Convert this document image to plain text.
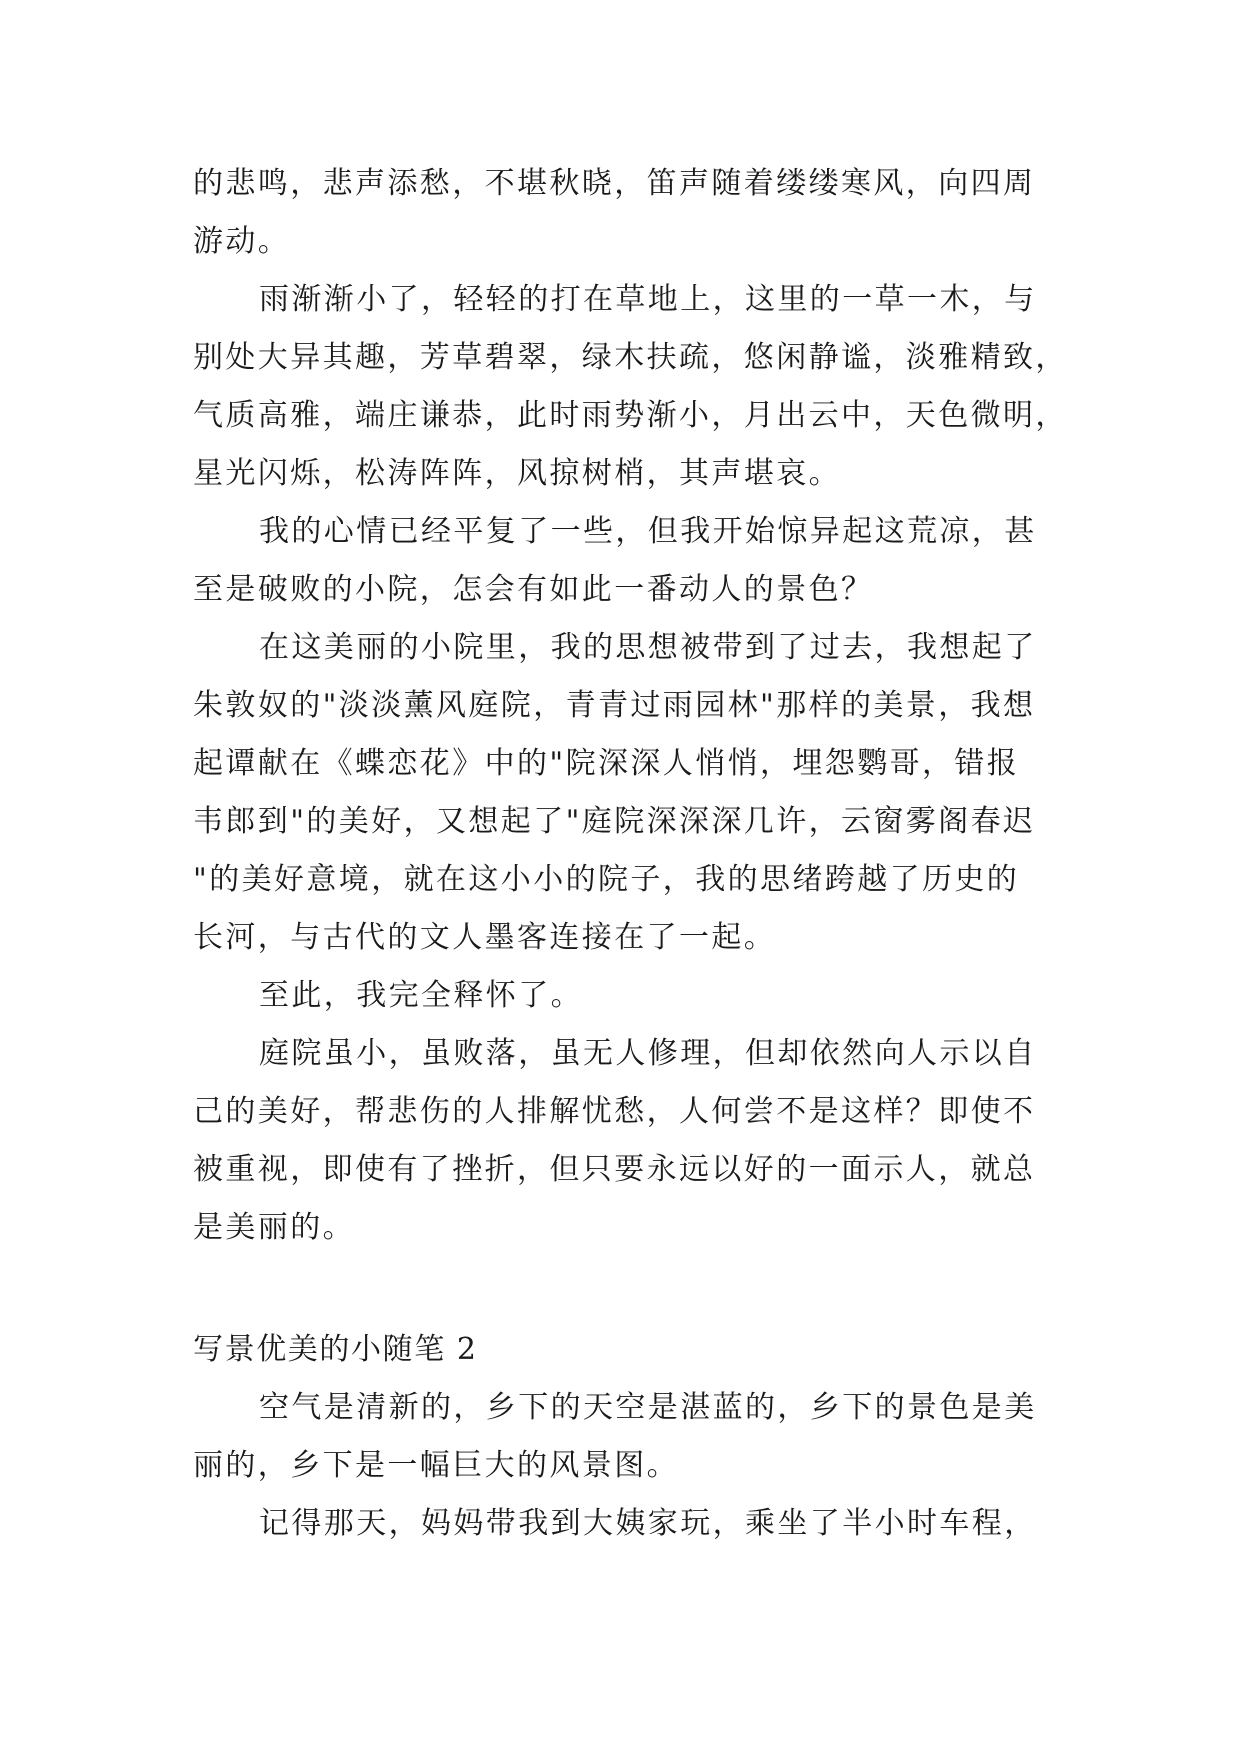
的悲鸣，悲声添愁，不堪秋晓，笛声随着缕缕寒风，向四周
游动。
雨渐渐小了，轻轻的打在草地上，这里的一草一木，与
别处大异其趣，芳草碧翠，绿木扶疏，悠闲静谧，淡雅精致，
气质高雅，端庄谦恭，此时雨势渐小，月出云中，天色微明，
星光闪烁，松涛阵阵，风掠树梢，其声堪哀。
我的心情已经平复了一些，但我开始惊异起这荒凉，甚
至是破败的小院，怎会有如此一番动人的景色？
在这美丽的小院里，我的思想被带到了过去，我想起了
朱敦奴的"淡淡薰风庭院，青青过雨园林"那样的美景，我想
起谭献在《蝶恋花》中的"院深深人悄悄，埋怨鹦哥，错报
韦郎到"的美好，又想起了"庭院深深深几许，云窗雾阁春迟
"的美好意境，就在这小小的院子，我的思绪跨越了历史的
长河，与古代的文人墨客连接在了一起。
至此，我完全释怀了。
庭院虽小，虽败落，虽无人修理，但却依然向人示以自
己的美好，帮悲伤的人排解忧愁，人何尝不是这样？即使不
被重视，即使有了挫折，但只要永远以好的一面示人，就总
是美丽的。
写景优美的小随笔 2
空气是清新的，乡下的天空是湛蓝的，乡下的景色是美
丽的，乡下是一幅巨大的风景图。
记得那天，妈妈带我到大姨家玩，乘坐了半小时车程，
